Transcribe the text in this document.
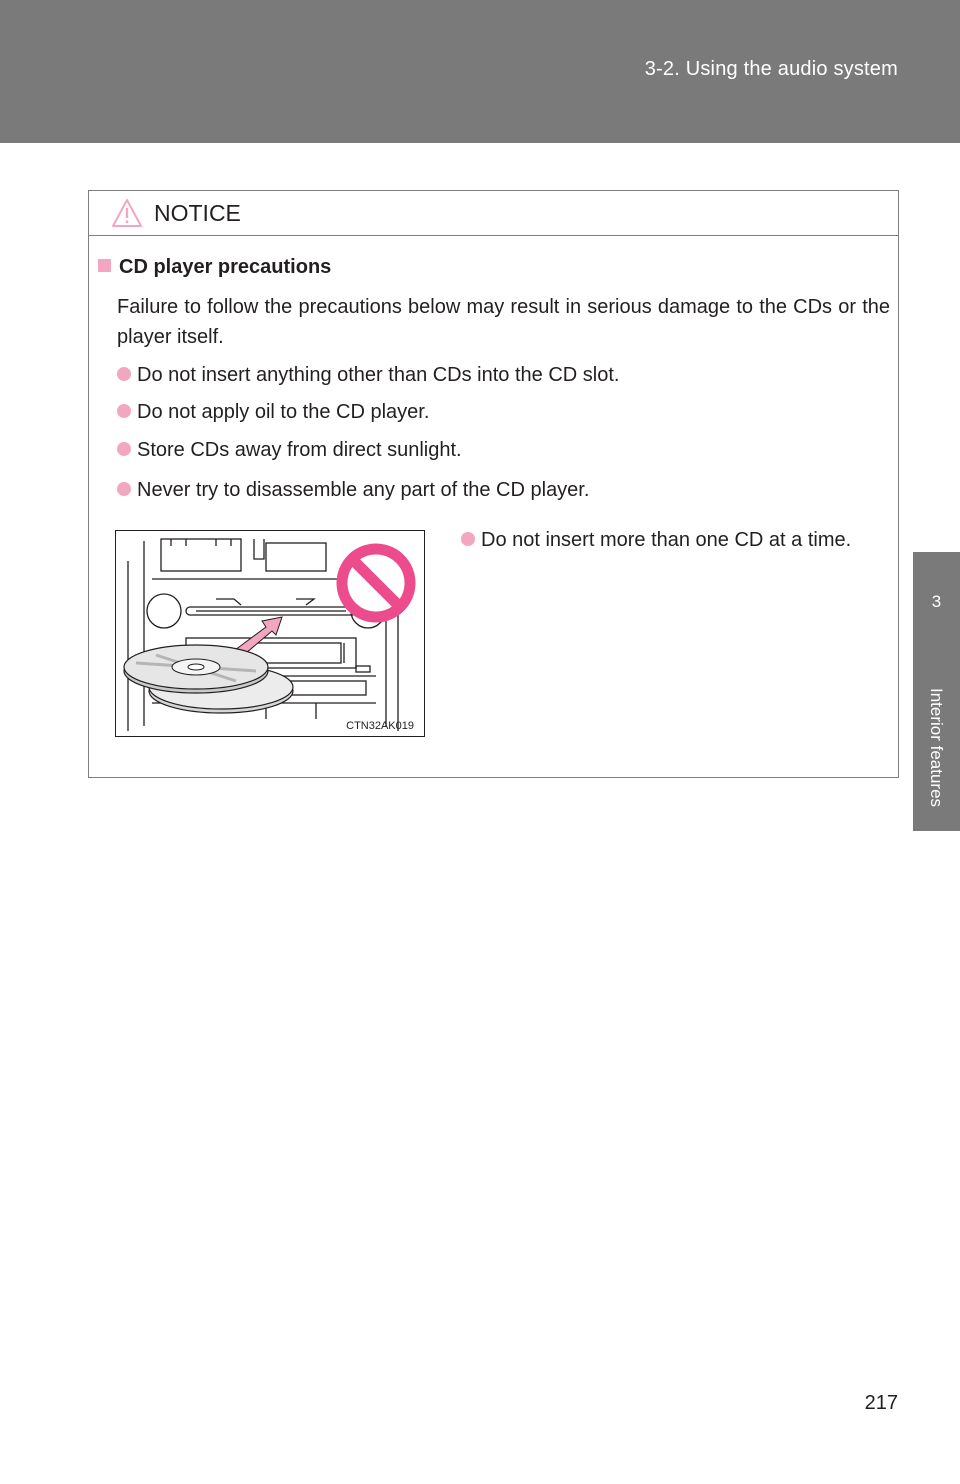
3-2. Using the audio system
3
Interior features
NOTICE
CD player precautions
Failure to follow the precautions below may result in serious damage to the CDs or the player itself.
Do not insert anything other than CDs into the CD slot.
Do not apply oil to the CD player.
Store CDs away from direct sunlight.
Never try to disassemble any part of the CD player.
Do not insert more than one CD at a time.
CTN32AK019
217
